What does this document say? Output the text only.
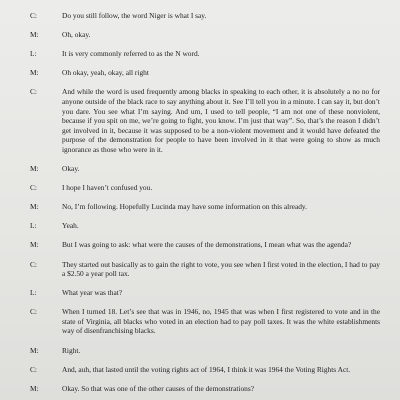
C:	Do you still follow, the word Niger is what I say.
M:	Oh, okay.
L:	It is very commonly referred to as the N word.
M:	Oh okay, yeah, okay, all right
C:	And while the word is used frequently among blacks in speaking to each other, it is absolutely a no no for anyone outside of the black race to say anything about it. See I’ll tell you in a minute. I can say it, but don’t you dare. You see what I’m saying. And um, I used to tell people, “I am not one of these nonviolent, because if you spit on me, we’re going to fight, you know. I’m just that way”. So, that’s the reason I didn’t get involved in it, because it was supposed to be a non-violent movement and it would have defeated the purpose of the demonstration for people to have been involved in it that were going to show as much ignorance as those who were in it.
M:	Okay.
C:	I hope I haven’t confused you.
M:	No, I’m following. Hopefully Lucinda may have some information on this already.
L:	Yeah.
M:	But I was going to ask: what were the causes of the demonstrations, I mean what was the agenda?
C:	They started out basically as to gain the right to vote, you see when I first voted in the election, I had to pay a $2.50 a year poll tax.
L:	What year was that?
C:	When I turned 18. Let’s see that was in 1946, no, 1945 that was when I first registered to vote and in the state of Virginia, all blacks who voted in an election had to pay poll taxes. It was the white establishments way of disenfranchising blacks.
M:	Right.
C:	And, auh, that lasted until the voting rights act of 1964, I think it was 1964 the Voting Rights Act.
M:	Okay. So that was one of the other causes of the demonstrations?
